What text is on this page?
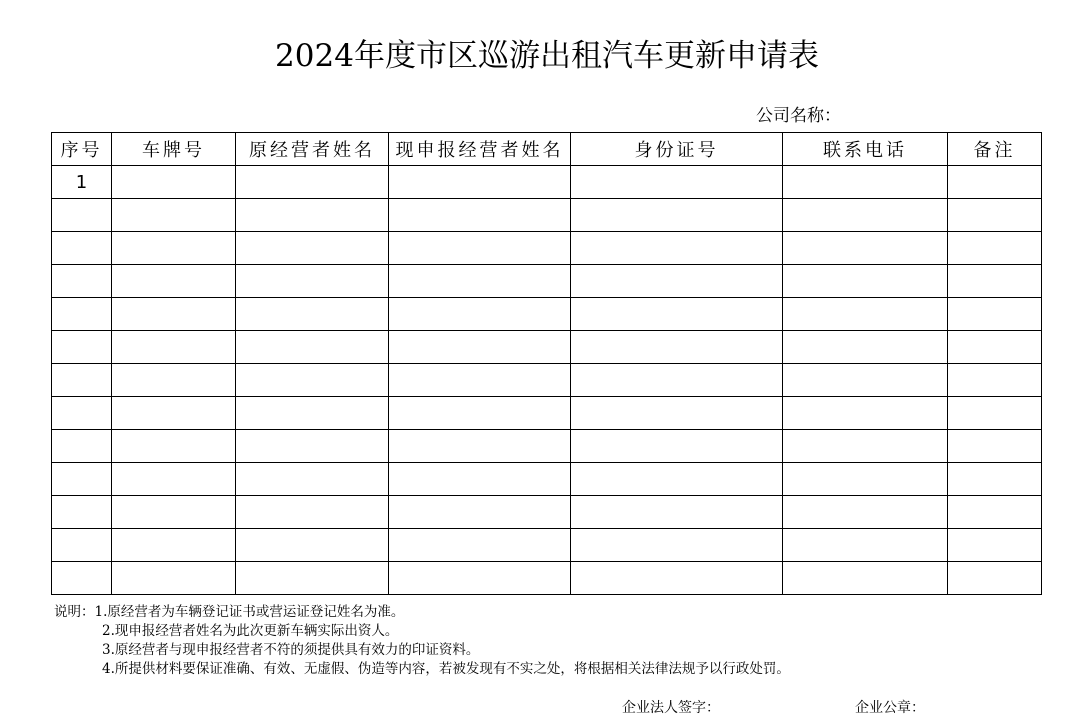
2024年度市区巡游出租汽车更新申请表
公司名称：
序号	车牌号	原经营者姓名	现申报经营者姓名	身份证号	联系电话	备注
1						

说明：1.原经营者为车辆登记证书或营运证登记姓名为准。
2.现申报经营者姓名为此次更新车辆实际出资人。
3.原经营者与现申报经营者不符的须提供具有效力的印证资料。
4.所提供材料要保证准确、有效、无虚假、伪造等内容，若被发现有不实之处，将根据相关法律法规予以行政处罚。
企业法人签字：	企业公章：
